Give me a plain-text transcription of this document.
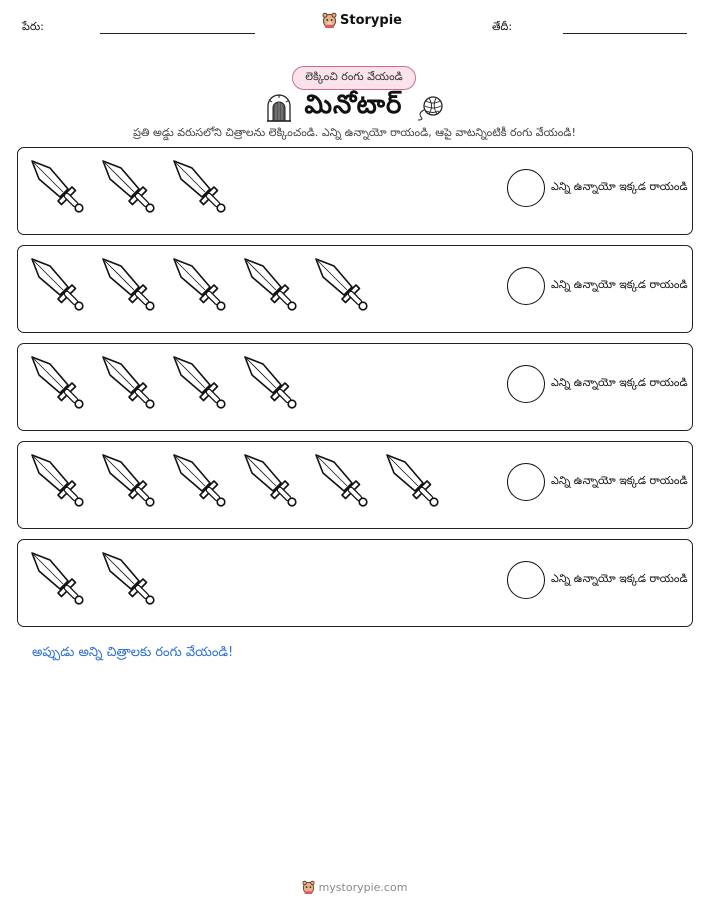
పేరు:	Storypie	తేదీ:
లెక్కించి రంగు వేయండి
మినోటార్
ప్రతి అడ్డు వరుసలోని చిత్రాలను లెక్కించండి. ఎన్ని ఉన్నాయో రాయండి, ఆపై వాటన్నింటికీ రంగు వేయండి!
ఎన్ని ఉన్నాయో ఇక్కడ రాయండి
ఎన్ని ఉన్నాయో ఇక్కడ రాయండి
ఎన్ని ఉన్నాయో ఇక్కడ రాయండి
ఎన్ని ఉన్నాయో ఇక్కడ రాయండి
ఎన్ని ఉన్నాయో ఇక్కడ రాయండి
అప్పుడు అన్ని చిత్రాలకు రంగు వేయండి!
mystorypie.com
